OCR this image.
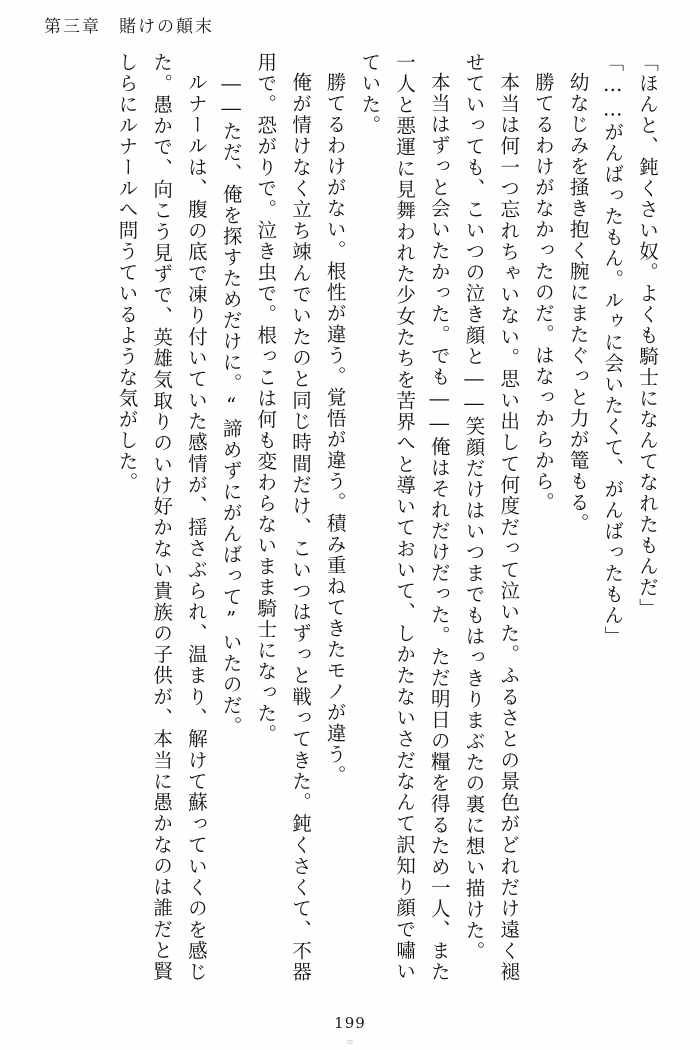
第三章 賭けの顛末

「ほんと、鈍くさい奴。よくも騎士になんてなれたもんだ」

「……がんばったもん。ルゥに会いたくて、がんばったもん」

幼なじみを掻き抱く腕にまたぐっと力が篭もる。

勝てるわけがなかったのだ。はなっからから。

本当は何一つ忘れちゃいない。思い出して何度だって泣いた。ふるさとの景色がどれだけ遠く褪せていっても、こいつの泣き顔と――笑顔だけはいつまでもはっきりまぶたの裏に想い描けた。

本当はずっと会いたかった。でも――俺はそれだけだった。ただ明日の糧を得るため一人、また一人と悪運に見舞われた少女たちを苦界へと導いておいて、しかたないさだなんて訳知り顔で嘯いていた。

勝てるわけがない。根性が違う。覚悟が違う。積み重ねてきたモノが違う。

俺が情けなく立ち竦んでいたのと同じ時間だけ、こいつはずっと戦ってきた。鈍くさくて、不器用で。恐がりで。泣き虫で。根っこは何も変わらないまま騎士になった。

――ただ、俺を探すためだけに。“諦めずにがんばって”いたのだ。

ルナールは、腹の底で凍り付いていた感情が、揺さぶられ、温まり、解けて蘇っていくのを感じた。愚かで、向こう見ずで、英雄気取りのいけ好かない貴族の子供が、本当に愚かなのは誰だと賢しらにルナールへ問うているような気がした。

199
≡
